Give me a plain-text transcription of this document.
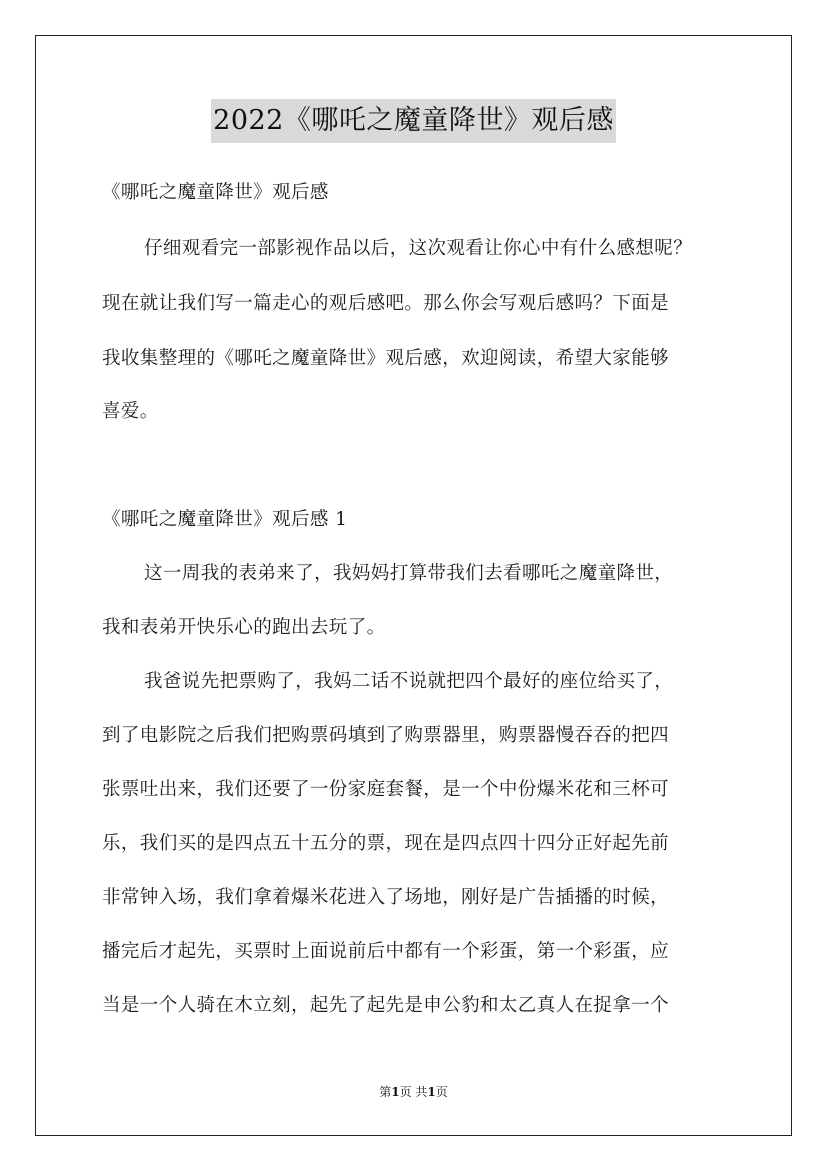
2022《哪吒之魔童降世》观后感
《哪吒之魔童降世》观后感
仔细观看完一部影视作品以后，这次观看让你心中有什么感想呢？
现在就让我们写一篇走心的观后感吧。那么你会写观后感吗？下面是
我收集整理的《哪吒之魔童降世》观后感，欢迎阅读，希望大家能够
喜爱。
《哪吒之魔童降世》观后感 1
这一周我的表弟来了，我妈妈打算带我们去看哪吒之魔童降世，
我和表弟开快乐心的跑出去玩了。
我爸说先把票购了，我妈二话不说就把四个最好的座位给买了，
到了电影院之后我们把购票码填到了购票器里，购票器慢吞吞的把四
张票吐出来，我们还要了一份家庭套餐，是一个中份爆米花和三杯可
乐，我们买的是四点五十五分的票，现在是四点四十四分正好起先前
非常钟入场，我们拿着爆米花进入了场地，刚好是广告插播的时候，
播完后才起先，买票时上面说前后中都有一个彩蛋，第一个彩蛋，应
当是一个人骑在木立刻，起先了起先是申公豹和太乙真人在捉拿一个
第1页 共1页
